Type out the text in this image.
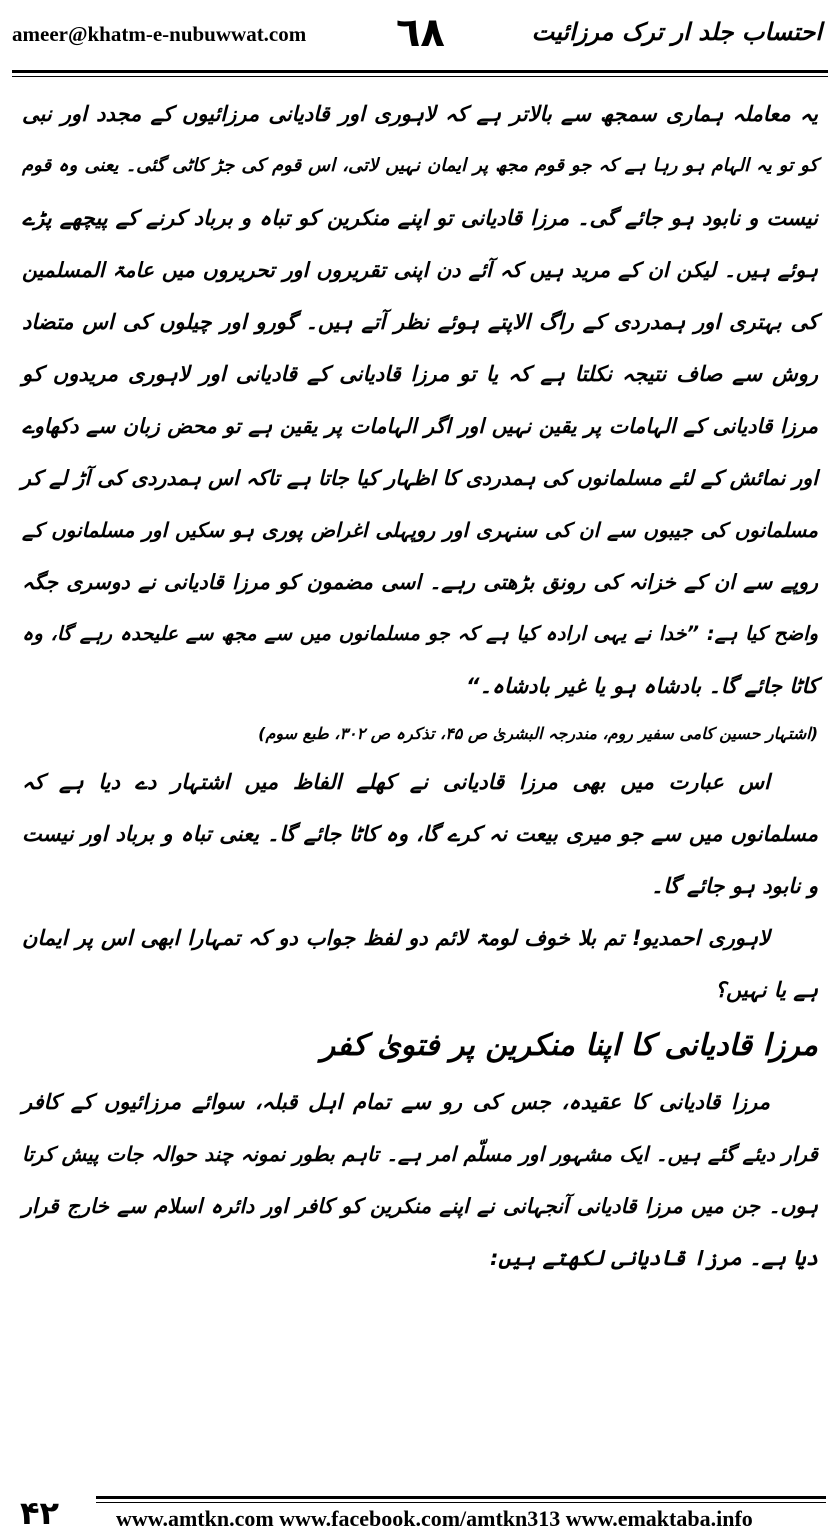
ameer@khatm-e-nubuwwat.com ٦٨	احتساب جلد ار ترک مرزائیت
یہ معاملہ ہماری سمجھ سے بالاتر ہے کہ لاہوری اور قادیانی مرزائیوں کے مجدد اور نبی
کو تو یہ الہام ہو رہا ہے کہ جو قوم مجھ پر ایمان نہیں لاتی، اس قوم کی جڑ کاٹی گئی۔ یعنی وہ قوم
نیست و نابود ہو جائے گی۔ مرزا قادیانی تو اپنے منکرین کو تباہ و برباد کرنے کے پیچھے پڑے
ہوئے ہیں۔ لیکن ان کے مرید ہیں کہ آئے دن اپنی تقریروں اور تحریروں میں عامۃ المسلمین
کی بہتری اور ہمدردی کے راگ الاپتے ہوئے نظر آتے ہیں۔ گورو اور چیلوں کی اس متضاد
روش سے صاف نتیجہ نکلتا ہے کہ یا تو مرزا قادیانی کے قادیانی اور لاہوری مریدوں کو
مرزا قادیانی کے الہامات پر یقین نہیں اور اگر الہامات پر یقین ہے تو محض زبان سے دکھاوے
اور نمائش کے لئے مسلمانوں کی ہمدردی کا اظہار کیا جاتا ہے تاکہ اس ہمدردی کی آڑ لے کر
مسلمانوں کی جیبوں سے ان کی سنہری اور روپہلی اغراض پوری ہو سکیں اور مسلمانوں کے
روپے سے ان کے خزانہ کی رونق بڑھتی رہے۔ اسی مضمون کو مرزا قادیانی نے دوسری جگہ
واضح کیا ہے: ”خدا نے یہی ارادہ کیا ہے کہ جو مسلمانوں میں سے مجھ سے علیحدہ رہے گا، وہ
کاٹا جائے گا۔ بادشاہ ہو یا غیر بادشاہ۔“
(اشتہار حسین کامی سفیر روم، مندرجہ البشریٰ ص ۴۵، تذکرہ ص ۳۰۲، طبع سوم)
اس عبارت میں بھی مرزا قادیانی نے کھلے الفاظ میں اشتہار دے دیا ہے کہ
مسلمانوں میں سے جو میری بیعت نہ کرے گا، وہ کاٹا جائے گا۔ یعنی تباہ و برباد اور نیست
و نابود ہو جائے گا۔
لاہوری احمدیو! تم بلا خوف لومۃ لائم دو لفظ جواب دو کہ تمہارا ابھی اس پر ایمان
ہے یا نہیں؟
مرزا قادیانی کا اپنا منکرین پر فتویٰ کفر
مرزا قادیانی کا عقیدہ، جس کی رو سے تمام اہل قبلہ، سوائے مرزائیوں کے کافر
قرار دیئے گئے ہیں۔ ایک مشہور اور مسلّم امر ہے۔ تاہم بطور نمونہ چند حوالہ جات پیش کرتا
ہوں۔ جن میں مرزا قادیانی آنجہانی نے اپنے منکرین کو کافر اور دائرہ اسلام سے خارج قرار
دیا ہے۔ مرزا قادیانی لکھتے ہیں:
۴۲	www.amtkn.com www.facebook.com/amtkn313 www.emaktaba.info
